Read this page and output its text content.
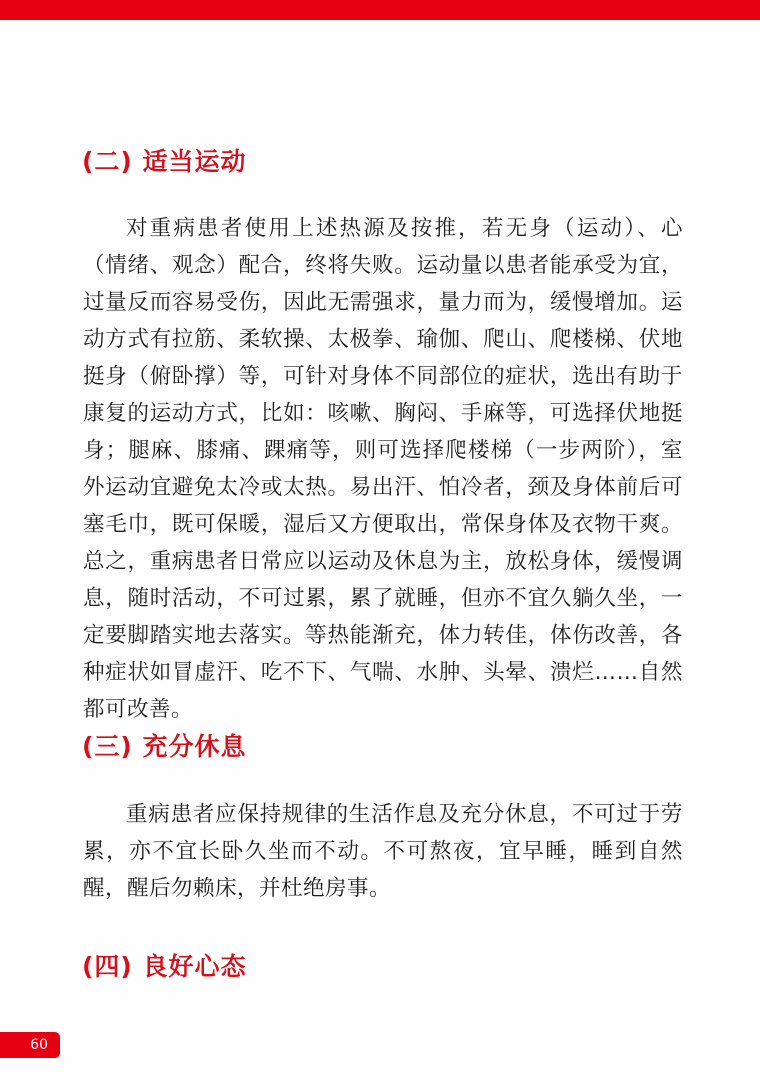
(二) 适当运动

对重病患者使用上述热源及按推，若无身（运动）、心（情绪、观念）配合，终将失败。运动量以患者能承受为宜，过量反而容易受伤，因此无需强求，量力而为，缓慢增加。运动方式有拉筋、柔软操、太极拳、瑜伽、爬山、爬楼梯、伏地挺身（俯卧撑）等，可针对身体不同部位的症状，选出有助于康复的运动方式，比如：咳嗽、胸闷、手麻等，可选择伏地挺身；腿麻、膝痛、踝痛等，则可选择爬楼梯（一步两阶），室外运动宜避免太冷或太热。易出汗、怕冷者，颈及身体前后可塞毛巾，既可保暖，湿后又方便取出，常保身体及衣物干爽。总之，重病患者日常应以运动及休息为主，放松身体，缓慢调息，随时活动，不可过累，累了就睡，但亦不宜久躺久坐，一定要脚踏实地去落实。等热能渐充，体力转佳，体伤改善，各种症状如冒虚汗、吃不下、气喘、水肿、头晕、溃烂……自然都可改善。

(三) 充分休息

重病患者应保持规律的生活作息及充分休息，不可过于劳累，亦不宜长卧久坐而不动。不可熬夜，宜早睡，睡到自然醒，醒后勿赖床，并杜绝房事。

(四) 良好心态
60
